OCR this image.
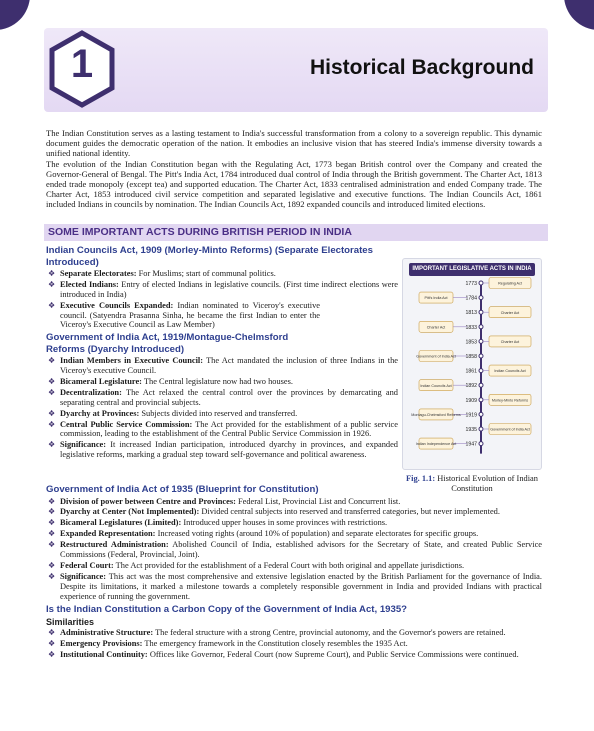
1	Historical Background

The Indian Constitution serves as a lasting testament to India's successful transformation from a colony to a sovereign republic. This dynamic document guides the democratic operation of the nation. It embodies an inclusive vision that has steered India's immense diversity towards a unified national identity.

The evolution of the Indian Constitution began with the Regulating Act, 1773 began British control over the Company and created the Governor-General of Bengal. The Pitt's India Act, 1784 introduced dual control of India through the British government. The Charter Act, 1813 ended trade monopoly (except tea) and supported education. The Charter Act, 1833 centralised administration and ended Company trade. The Charter Act, 1853 introduced civil service competition and separated legislative and executive functions. The Indian Councils Act, 1861 included Indians in councils by nomination. The Indian Councils Act, 1892 expanded councils and introduced limited elections.

SOME IMPORTANT ACTS DURING BRITISH PERIOD IN INDIA
Indian Councils Act, 1909 (Morley-Minto Reforms) (Separate Electorates Introduced)
❖ Separate Electorates: For Muslims; start of communal politics.
❖ Elected Indians: Entry of elected Indians in legislative councils. (First time indirect elections were introduced in India)
❖ Executive Councils Expanded: Indian nominated to Viceroy's executive council. (Satyendra Prasanna Sinha, he became the first Indian to enter the Viceroy's Executive Council as Law Member)
Government of India Act, 1919/Montague-Chelmsford Reforms (Dyarchy Introduced)
❖ Indian Members in Executive Council: The Act mandated the inclusion of three Indians in the Viceroy's executive Council.
❖ Bicameral Legislature: The Central legislature now had two houses.
❖ Decentralization: The Act relaxed the central control over the provinces by demarcating and separating central and provincial subjects.
❖ Dyarchy at Provinces: Subjects divided into reserved and transferred.
❖ Central Public Service Commission: The Act provided for the establishment of a public service commission, leading to the establishment of the Central Public Service Commission in 1926.
❖ Significance: It increased Indian participation, introduced dyarchy in provinces, and expanded legislative reforms, marking a gradual step toward self-governance and political awareness.
IMPORTANT LEGISLATIVE ACTS IN INDIA
1773	Regulating Act
1784
Pitt's India Act
1813	Charter Act
1833
Charter Act
1853	Charter Act
1858
Government of India Act
1861	Indian Councils Act
1892
Indian Councils Act
1909	Morley-Minto Reforms
1919
Montagu-Chelmsford Reforms
1935	Government of India Act
1947
Indian Independence Act
Fig. 1.1: Historical Evolution of Indian Constitution
Government of India Act of 1935 (Blueprint for Constitution)
❖ Division of power between Centre and Provinces: Federal List, Provincial List and Concurrent list.
❖ Dyarchy at Center (Not Implemented): Divided central subjects into reserved and transferred categories, but never implemented.
❖ Bicameral Legislatures (Limited): Introduced upper houses in some provinces with restrictions.
❖ Expanded Representation: Increased voting rights (around 10% of population) and separate electorates for specific groups.
❖ Restructured Administration: Abolished Council of India, established advisors for the Secretary of State, and created Public Service Commissions (Federal, Provincial, Joint).
❖ Federal Court: The Act provided for the establishment of a Federal Court with both original and appellate jurisdictions.
❖ Significance: This act was the most comprehensive and extensive legislation enacted by the British Parliament for the governance of India. Despite its limitations, it marked a milestone towards a completely responsible government in India and provided Indians with practical experience of running the government.
Is the Indian Constitution a Carbon Copy of the Government of India Act, 1935?
Similarities
❖ Administrative Structure: The federal structure with a strong Centre, provincial autonomy, and the Governor's powers are retained.
❖ Emergency Provisions: The emergency framework in the Constitution closely resembles the 1935 Act.
❖ Institutional Continuity: Offices like Governor, Federal Court (now Supreme Court), and Public Service Commissions were continued.
